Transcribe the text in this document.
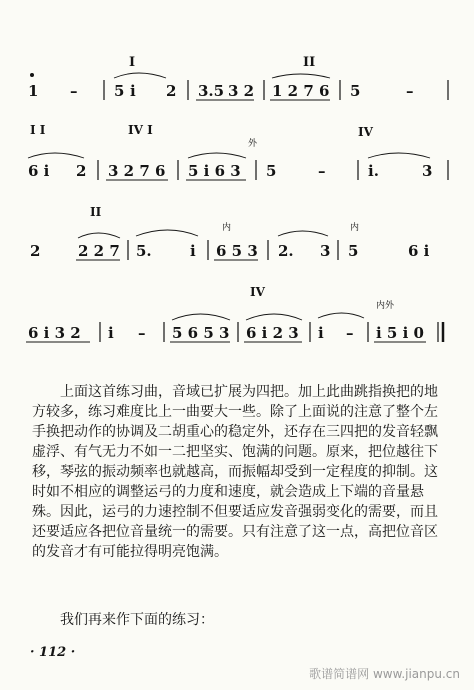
1 – 5 i
I
2 3.5 3 2 1 2 7 6
II
5	–
I I	IV I
外
IV
6 i 2 3 2 7 6 5 i 6 3 5	–	i.	3
II
内	内
2	2 2 7 5.	i 6 5 3 2. 3 5	6 i
IV
内外
6 i 3 2 i – 5 6 5 3 6 i 2 3 i – i 5 i 0

上面这首练习曲，音域已扩展为四把。加上此曲跳指换把的地方较多，练习难度比上一曲要大一些。除了上面说的注意了整个左手换把动作的协调及二胡重心的稳定外，还存在三四把的发音轻飘虚浮、有气无力不如一二把坚实、饱满的问题。原来，把位越往下移，琴弦的振动频率也就越高，而振幅却受到一定程度的抑制。这时如不相应的调整运弓的力度和速度，就会造成上下端的音量悬殊。因此，运弓的力速控制不但要适应发音强弱变化的需要，而且还要适应各把位音量统一的需要。只有注意了这一点，高把位音区的发音才有可能拉得明亮饱满。

我们再来作下面的练习：

· 112 ·
歌谱简谱网 www.jianpu.cn
